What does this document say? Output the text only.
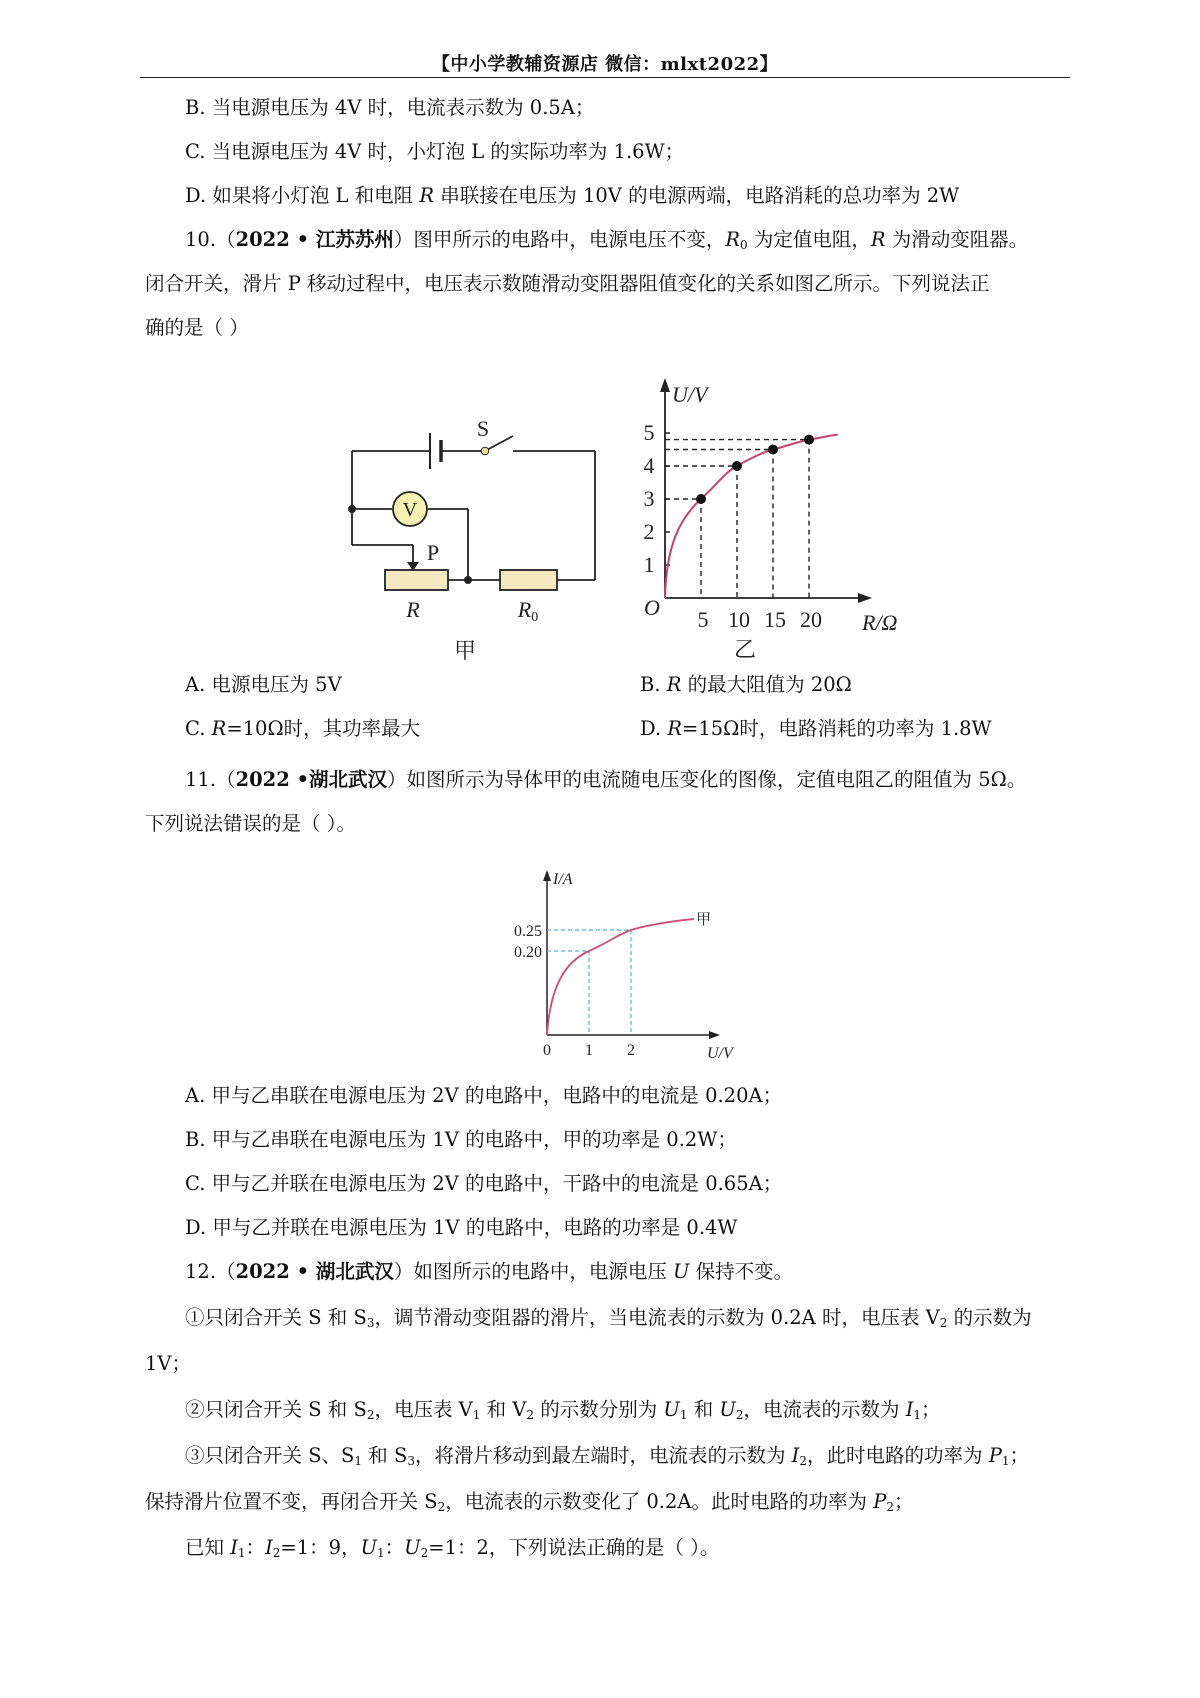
【中小学教辅资源店 微信：mlxt2022】
B. 当电源电压为 4V 时，电流表示数为 0.5A；
C. 当电源电压为 4V 时，小灯泡 L 的实际功率为 1.6W；
D. 如果将小灯泡 L 和电阻 R 串联接在电压为 10V 的电源两端，电路消耗的总功率为 2W
10.（2022 • 江苏苏州）图甲所示的电路中，电源电压不变，$R_0$ 为定值电阻，R 为滑动变阻器。
闭合开关，滑片 P 移动过程中，电压表示数随滑动变阻器阻值变化的关系如图乙所示。下列说法正
确的是（ ）
V
S
P
R	R0
甲
1
2
3
4
5
5 10 15 20
O
U/V
R/Ω
乙
A. 电源电压为 5V	B. R 的最大阻值为 20Ω
C. R=10Ω时，其功率最大	D. R=15Ω时，电路消耗的功率为 1.8W
11.（2022 •湖北武汉）如图所示为导体甲的电流随电压变化的图像，定值电阻乙的阻值为 5Ω。
下列说法错误的是（ ）。
I/A
U/V
0 1 2
0.20
0.25
甲
A. 甲与乙串联在电源电压为 2V 的电路中，电路中的电流是 0.20A；
B. 甲与乙串联在电源电压为 1V 的电路中，甲的功率是 0.2W；
C. 甲与乙并联在电源电压为 2V 的电路中，干路中的电流是 0.65A；
D. 甲与乙并联在电源电压为 1V 的电路中，电路的功率是 0.4W
12.（2022 • 湖北武汉）如图所示的电路中，电源电压 U 保持不变。
①只闭合开关 S 和 $S_3$，调节滑动变阻器的滑片，当电流表的示数为 0.2A 时，电压表 $V_2$ 的示数为
1V；
②只闭合开关 S 和 $S_2$，电压表 $V_1$ 和 $V_2$ 的示数分别为 $U_1$ 和 $U_2$，电流表的示数为 $I_1$；
③只闭合开关 S、$S_1$ 和 $S_3$，将滑片移动到最左端时，电流表的示数为 $I_2$，此时电路的功率为 $P_1$；
保持滑片位置不变，再闭合开关 $S_2$，电流表的示数变化了 0.2A。此时电路的功率为 $P_2$；
已知 $I_1$：$I_2=1$：9，$U_1$：$U_2=1$：2，下列说法正确的是（ ）。
